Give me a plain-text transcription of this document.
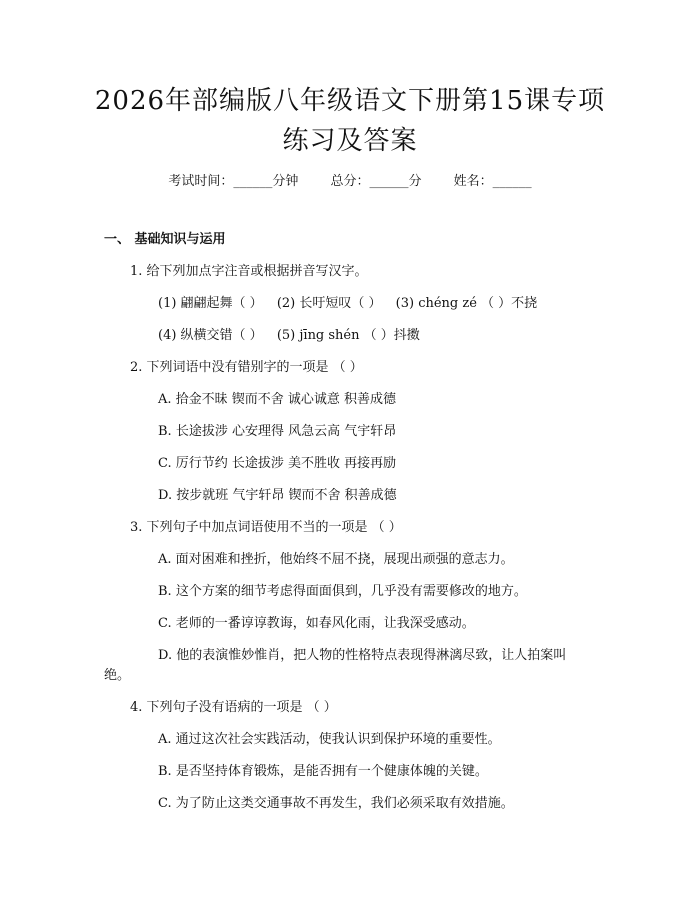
2026年部编版八年级语文下册第15课专项
练习及答案
考试时间：______分钟 总分：______分 姓名：______
一、 基础知识与运用
1. 给下列加点字注音或根据拼音写汉字。
(1) 翩翩起舞（ ） (2) 长吁短叹（ ） (3) chéng zé （ ）不挠
(4) 纵横交错（ ） (5) jīng shén （ ）抖擞
2. 下列词语中没有错别字的一项是 （ ）
A. 拾金不昧 锲而不舍 诚心诚意 积善成德
B. 长途拔涉 心安理得 风急云高 气宇轩昂
C. 厉行节约 长途拔涉 美不胜收 再接再励
D. 按步就班 气宇轩昂 锲而不舍 积善成德
3. 下列句子中加点词语使用不当的一项是 （ ）
A. 面对困难和挫折，他始终不屈不挠，展现出顽强的意志力。
B. 这个方案的细节考虑得面面俱到，几乎没有需要修改的地方。
C. 老师的一番谆谆教诲，如春风化雨，让我深受感动。
D. 他的表演惟妙惟肖，把人物的性格特点表现得淋漓尽致，让人拍案叫
绝。
4. 下列句子没有语病的一项是 （ ）
A. 通过这次社会实践活动，使我认识到保护环境的重要性。
B. 是否坚持体育锻炼，是能否拥有一个健康体魄的关键。
C. 为了防止这类交通事故不再发生，我们必须采取有效措施。
